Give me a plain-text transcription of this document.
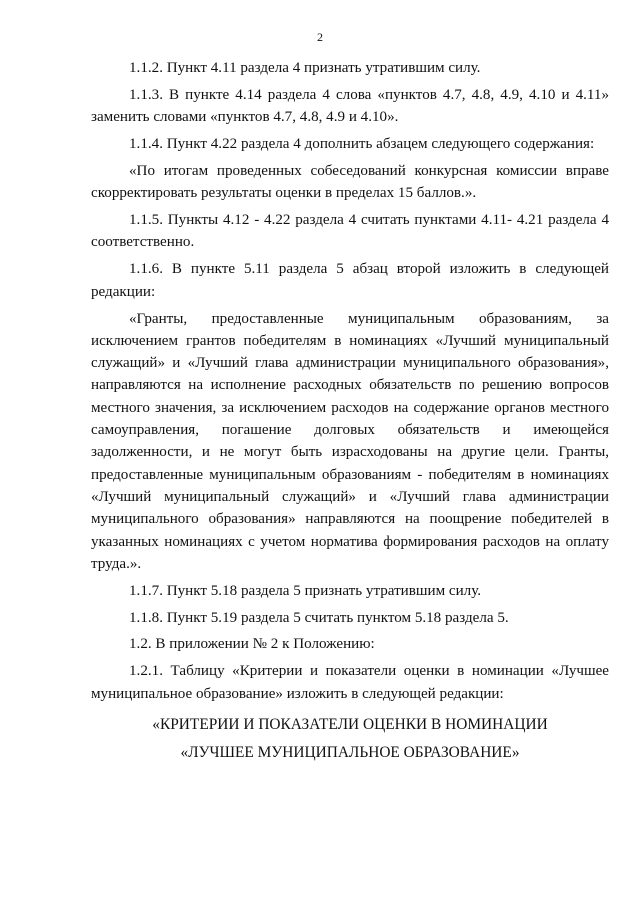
2

1.1.2. Пункт 4.11 раздела 4 признать утратившим силу.

1.1.3. В пункте 4.14 раздела 4 слова «пунктов 4.7, 4.8, 4.9, 4.10 и 4.11» заменить словами «пунктов 4.7, 4.8, 4.9 и 4.10».

1.1.4. Пункт 4.22 раздела 4 дополнить абзацем следующего содержания:

«По итогам проведенных собеседований конкурсная комиссии вправе скорректировать результаты оценки в пределах 15 баллов.».

1.1.5. Пункты 4.12 - 4.22 раздела 4 считать пунктами 4.11- 4.21 раздела 4 соответственно.

1.1.6. В пункте 5.11 раздела 5 абзац второй изложить в следующей редакции:

«Гранты, предоставленные муниципальным образованиям, за исключением грантов победителям в номинациях «Лучший муниципальный служащий» и «Лучший глава администрации муниципального образования», направляются на исполнение расходных обязательств по решению вопросов местного значения, за исключением расходов на содержание органов местного самоуправления, погашение долговых обязательств и имеющейся задолженности, и не могут быть израсходованы на другие цели. Гранты, предоставленные муниципальным образованиям - победителям в номинациях «Лучший муниципальный служащий» и «Лучший глава администрации муниципального образования» направляются на поощрение победителей в указанных номинациях с учетом норматива формирования расходов на оплату труда.».

1.1.7. Пункт 5.18 раздела 5 признать утратившим силу.

1.1.8. Пункт 5.19 раздела 5 считать пунктом 5.18 раздела 5.

1.2. В приложении № 2 к Положению:

1.2.1. Таблицу «Критерии и показатели оценки в номинации «Лучшее муниципальное образование» изложить в следующей редакции:

«КРИТЕРИИ И ПОКАЗАТЕЛИ ОЦЕНКИ В НОМИНАЦИИ

«ЛУЧШЕЕ МУНИЦИПАЛЬНОЕ ОБРАЗОВАНИЕ»
